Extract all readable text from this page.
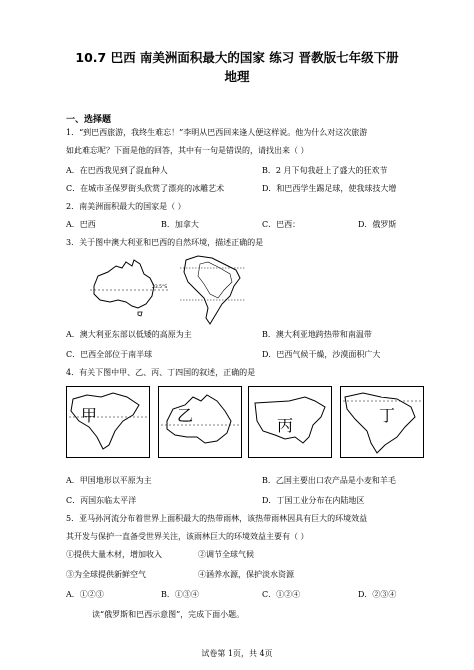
10.7 巴西 南美洲面积最大的国家 练习 晋教版七年级下册
地理
一、选择题
1．“到巴西旅游，我终生难忘！”李明从巴西回来逢人便这样说。他为什么对这次旅游
如此难忘呢？下面是他的回答，其中有一句是错误的，请找出来（ ）
A．在巴西我见到了混血种人	B．2 月下旬我赶上了盛大的狂欢节
C．在城市圣保罗街头欣赏了漂亮的冰雕艺术	D．和巴西学生踢足球，使我球技大增
2．南美洲面积最大的国家是（ ）
A．巴西	B．加拿大	C．巴西：	D．俄罗斯
3．关于图中澳大利亚和巴西的自然环境，描述正确的是
23.5°S
A．澳大利亚东部以低矮的高原为主	B．澳大利亚地跨热带和南温带
C．巴西全部位于南半球	D．巴西气候干燥，沙漠面积广大
4．有关下图中甲、乙、丙、丁四国的叙述，正确的是
甲	乙
丙
丁
A．甲国地形以平原为主	B．乙国主要出口农产品是小麦和羊毛
C．丙国东临太平洋	D．丁国工业分布在内陆地区
5．亚马孙河流分布着世界上面积最大的热带雨林，该热带雨林因具有巨大的环境效益
其开发与保护一直备受世界关注，该雨林巨大的环境效益主要有（ ）
①提供大量木材，增加收入	②调节全球气候
③为全球提供新鲜空气	④涵养水源，保护淡水资源
A．①②③	B．①③④	C．①②④	D．②③④
读“俄罗斯和巴西示意图”，完成下面小题。
试卷第 1页，共 4页
